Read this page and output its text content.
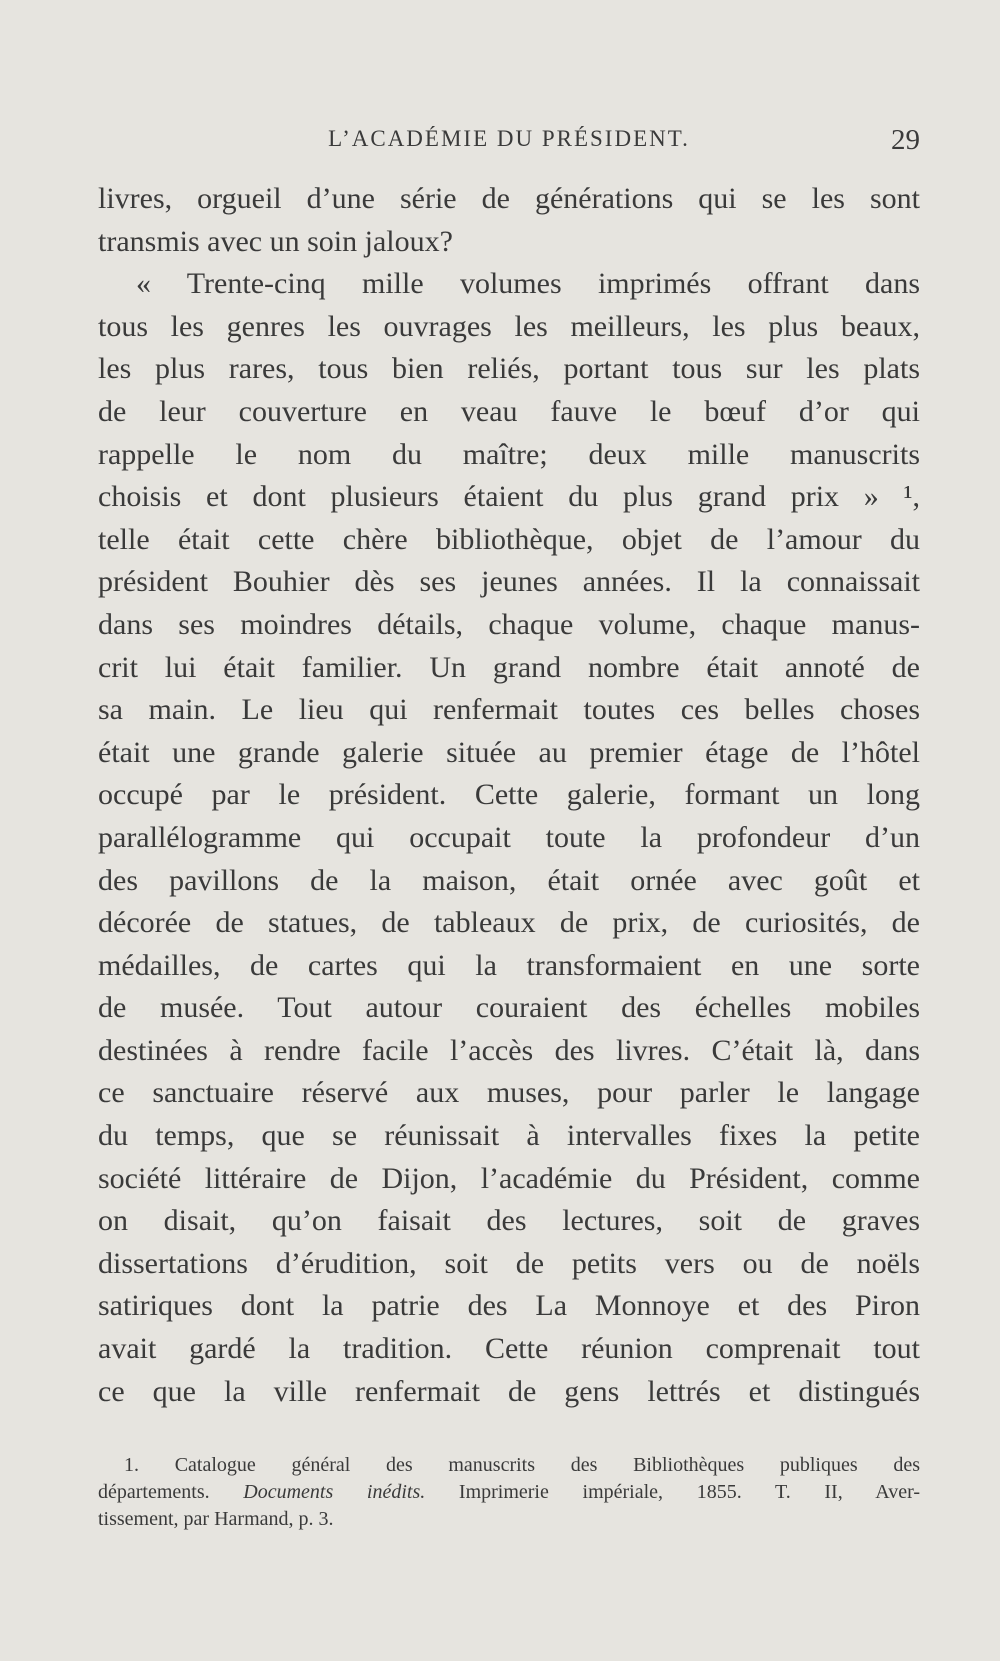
L’ACADÉMIE DU PRÉSIDENT.	29
livres, orgueil d’une série de générations qui se les sont
transmis avec un soin jaloux?
« Trente-cinq mille volumes imprimés offrant dans
tous les genres les ouvrages les meilleurs, les plus beaux,
les plus rares, tous bien reliés, portant tous sur les plats
de leur couverture en veau fauve le bœuf d’or qui
rappelle le nom du maître; deux mille manuscrits
choisis et dont plusieurs étaient du plus grand prix » ¹,
telle était cette chère bibliothèque, objet de l’amour du
président Bouhier dès ses jeunes années. Il la connaissait
dans ses moindres détails, chaque volume, chaque manus-
crit lui était familier. Un grand nombre était annoté de
sa main. Le lieu qui renfermait toutes ces belles choses
était une grande galerie située au premier étage de l’hôtel
occupé par le président. Cette galerie, formant un long
parallélogramme qui occupait toute la profondeur d’un
des pavillons de la maison, était ornée avec goût et
décorée de statues, de tableaux de prix, de curiosités, de
médailles, de cartes qui la transformaient en une sorte
de musée. Tout autour couraient des échelles mobiles
destinées à rendre facile l’accès des livres. C’était là, dans
ce sanctuaire réservé aux muses, pour parler le langage
du temps, que se réunissait à intervalles fixes la petite
société littéraire de Dijon, l’académie du Président, comme
on disait, qu’on faisait des lectures, soit de graves
dissertations d’érudition, soit de petits vers ou de noëls
satiriques dont la patrie des La Monnoye et des Piron
avait gardé la tradition. Cette réunion comprenait tout
ce que la ville renfermait de gens lettrés et distingués
1. Catalogue général des manuscrits des Bibliothèques publiques des
départements. Documents inédits. Imprimerie impériale, 1855. T. II, Aver-
tissement, par Harmand, p. 3.
